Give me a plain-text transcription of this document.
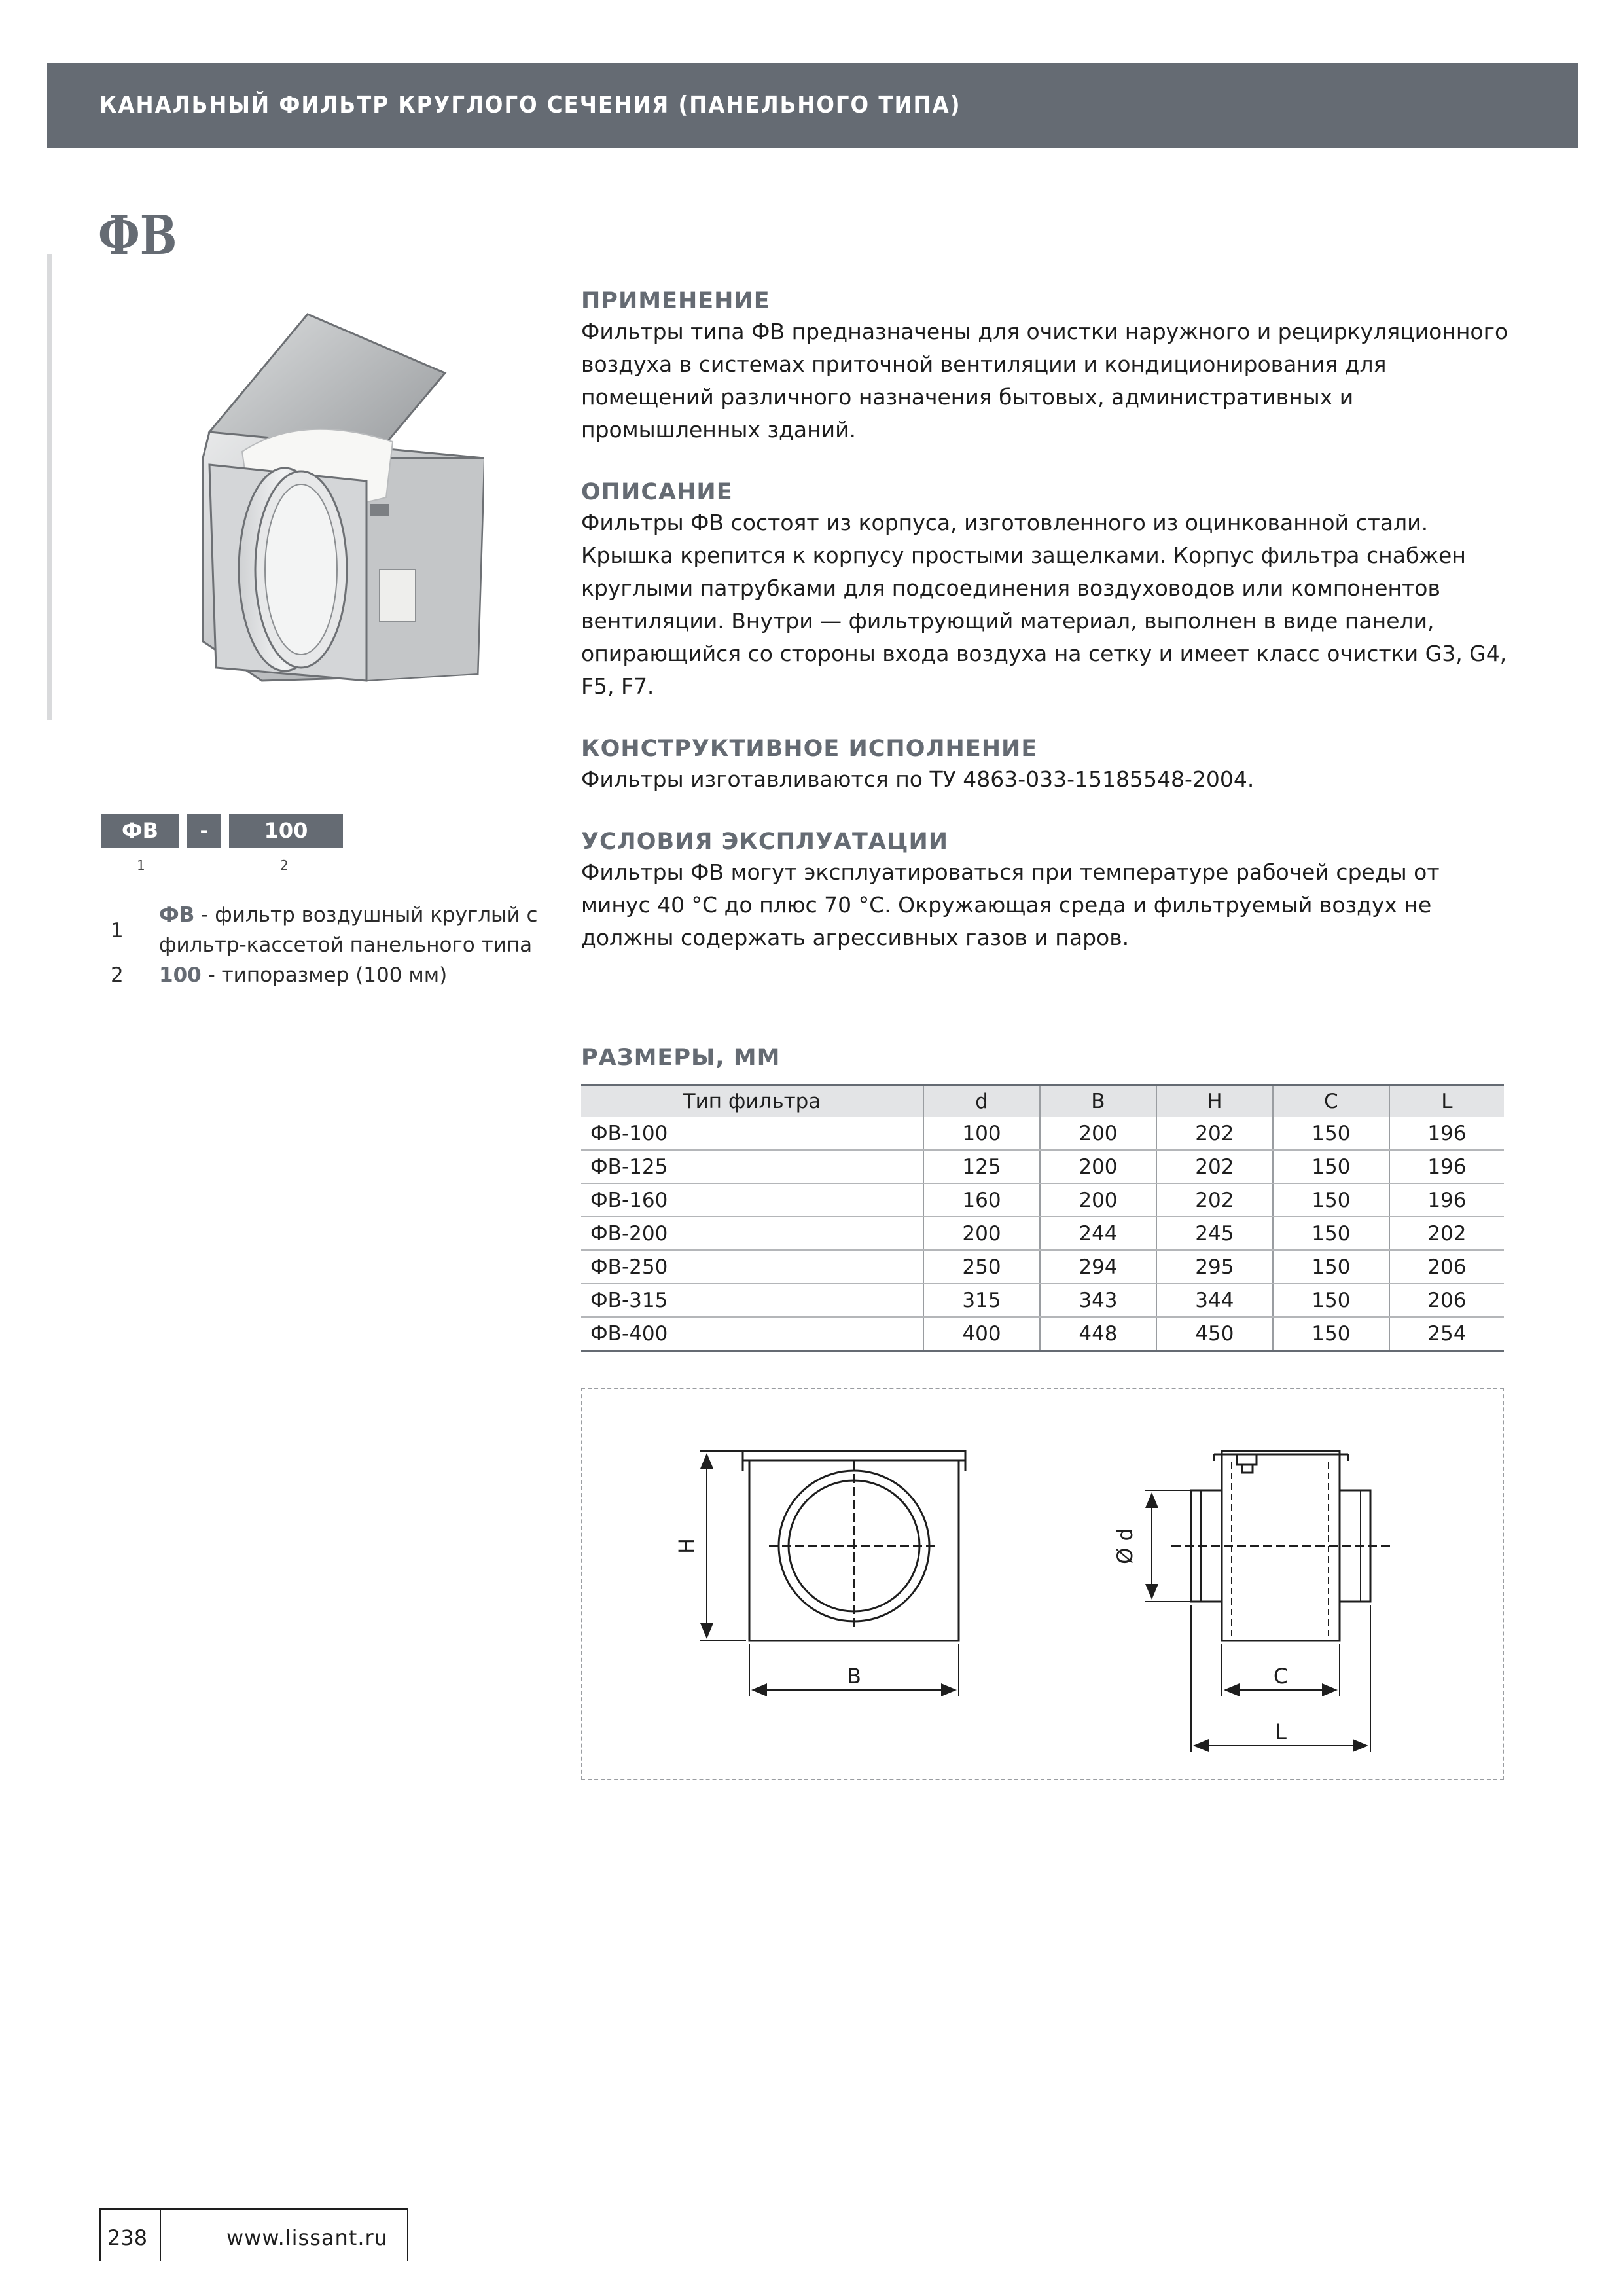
КАНАЛЬНЫЙ ФИЛЬТР КРУГЛОГО СЕЧЕНИЯ (ПАНЕЛЬНОГО ТИПА)
ФВ
ФВ	-	100
1	2
1
ФВ - фильтр воздушный круглый с фильтр-кассетой панельного типа
2 100 - типоразмер (100 мм)
ПРИМЕНЕНИЕ

Фильтры типа ФВ предназначены для очистки наружного и рециркуляционного воздуха в системах приточной вентиляции и кондиционирования для помещений различного назначения бытовых, административных и промышленных зданий.

ОПИСАНИЕ

Фильтры ФВ состоят из корпуса, изготовленного из оцинкованной стали. Крышка крепится к корпусу простыми защелками. Корпус фильтра снабжен круглыми патрубками для подсоединения воздуховодов или компонентов вентиляции. Внутри — фильтрующий материал, выполнен в виде панели, опирающийся со стороны входа воздуха на сетку и имеет класс очистки G3, G4, F5, F7.

КОНСТРУКТИВНОЕ ИСПОЛНЕНИЕ

Фильтры изготавливаются по ТУ 4863-033-15185548-2004.

УСЛОВИЯ ЭКСПЛУАТАЦИИ

Фильтры ФВ могут эксплуатироваться при температуре рабочей среды от минус 40 °С до плюс 70 °С. Окружающая среда и фильтруемый воздух не должны содержать агрессивных газов и паров.

РАЗМЕРЫ, ММ
Тип фильтра	d	B	H	C	L
ФВ-100	100	200	202	150	196
ФВ-125	125	200	202	150	196
ФВ-160	160	200	202	150	196
ФВ-200	200	244	245	150	202
ФВ-250	250	294	295	150	206
ФВ-315	315	343	344	150	206
ФВ-400	400	448	450	150	254
H
B
Ø d
C
L
238	www.lissant.ru
